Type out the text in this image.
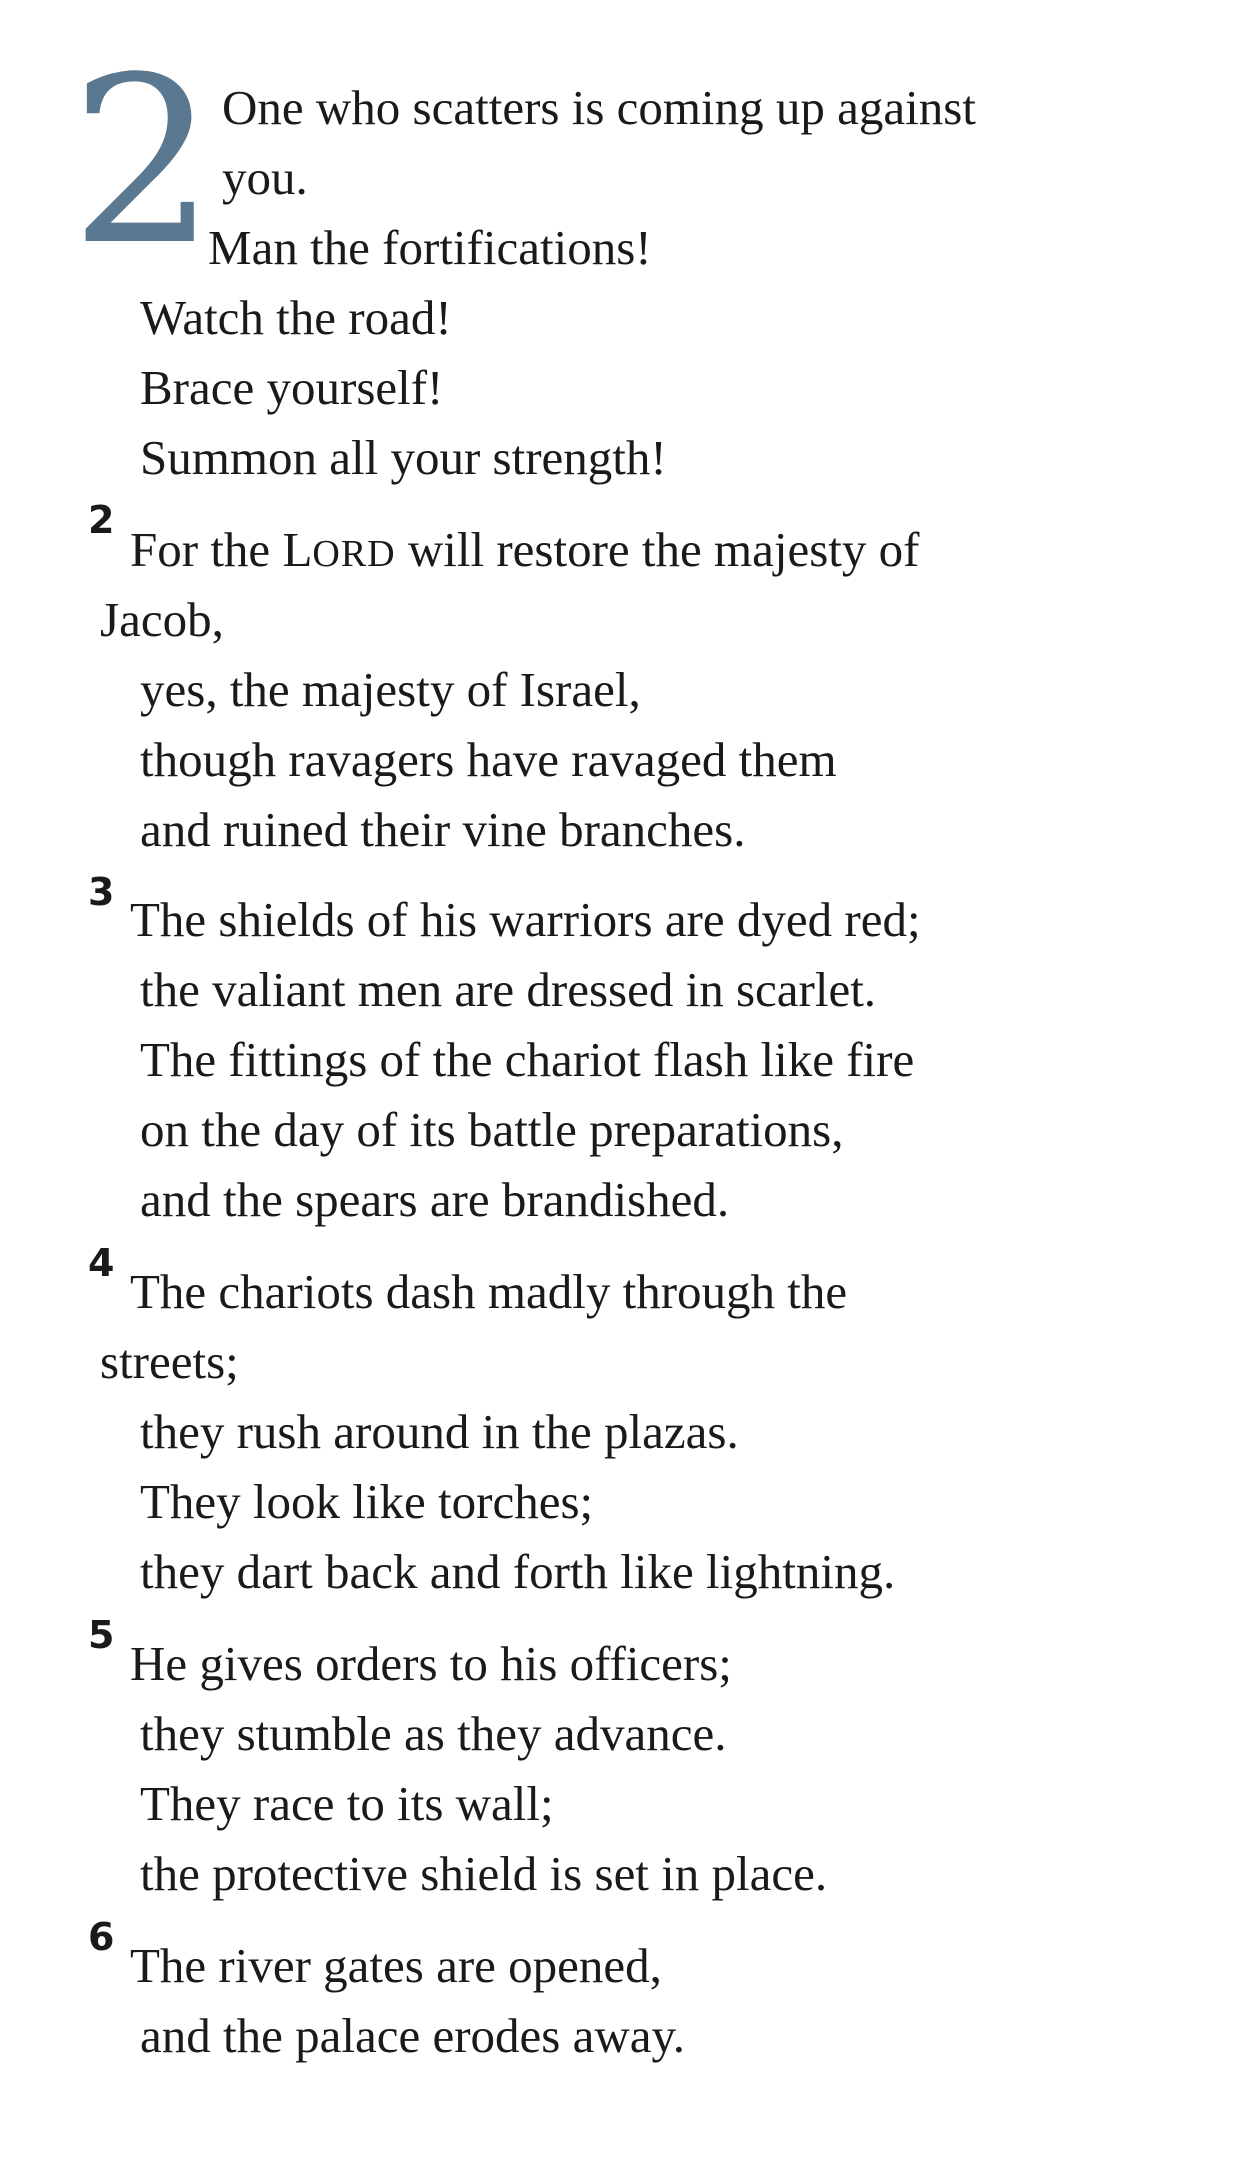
2 One who scatters is coming up against
you.
Man the fortifications!
Watch the road!
Brace yourself!
Summon all your strength!
2
For the LORD will restore the majesty of
Jacob,
yes, the majesty of Israel,
though ravagers have ravaged them
and ruined their vine branches.
3 The shields of his warriors are dyed red;
the valiant men are dressed in scarlet.
The fittings of the chariot flash like fire
on the day of its battle preparations,
and the spears are brandished.
4
The chariots dash madly through the
streets;
they rush around in the plazas.
They look like torches;
they dart back and forth like lightning.
5
He gives orders to his officers;
they stumble as they advance.
They race to its wall;
the protective shield is set in place.
6
The river gates are opened,
and the palace erodes away.
